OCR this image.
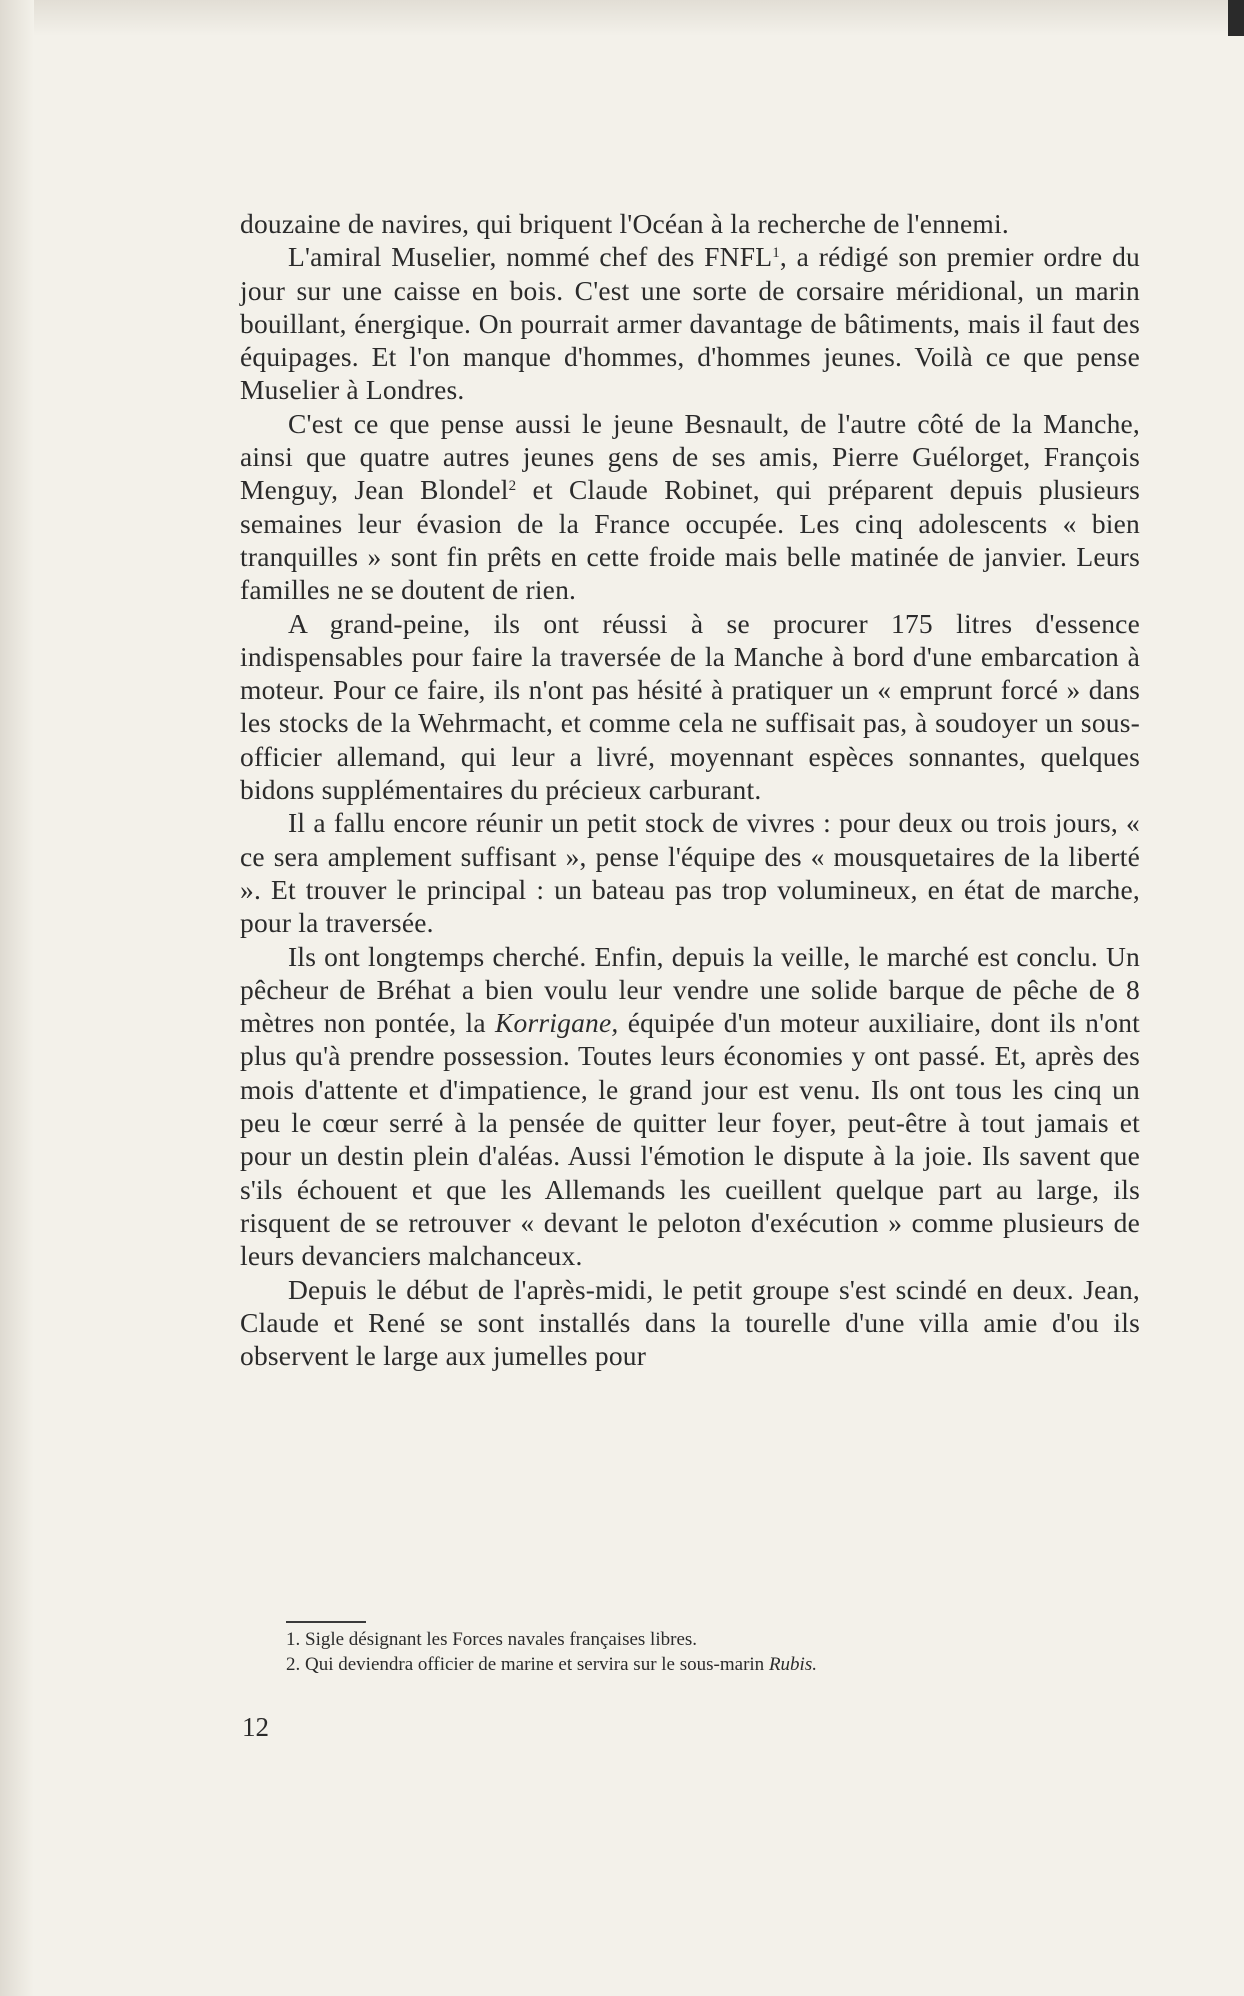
douzaine de navires, qui briquent l'Océan à la recherche de l'ennemi.

L'amiral Muselier, nommé chef des FNFL$^1$, a rédigé son premier ordre du jour sur une caisse en bois. C'est une sorte de corsaire méridional, un marin bouillant, énergique. On pourrait armer davantage de bâtiments, mais il faut des équipages. Et l'on manque d'hommes, d'hommes jeunes. Voilà ce que pense Muselier à Londres.

C'est ce que pense aussi le jeune Besnault, de l'autre côté de la Manche, ainsi que quatre autres jeunes gens de ses amis, Pierre Guélorget, François Menguy, Jean Blondel$^2$ et Claude Robinet, qui préparent depuis plusieurs semaines leur évasion de la France occupée. Les cinq adolescents « bien tranquilles » sont fin prêts en cette froide mais belle matinée de janvier. Leurs familles ne se doutent de rien.

A grand-peine, ils ont réussi à se procurer 175 litres d'essence indispensables pour faire la traversée de la Manche à bord d'une embarcation à moteur. Pour ce faire, ils n'ont pas hésité à pratiquer un « emprunt forcé » dans les stocks de la Wehrmacht, et comme cela ne suffisait pas, à soudoyer un sous-officier allemand, qui leur a livré, moyennant espèces sonnantes, quelques bidons supplémentaires du précieux carburant.

Il a fallu encore réunir un petit stock de vivres : pour deux ou trois jours, « ce sera amplement suffisant », pense l'équipe des « mousquetaires de la liberté ». Et trouver le principal : un bateau pas trop volumineux, en état de marche, pour la traversée.

Ils ont longtemps cherché. Enfin, depuis la veille, le marché est conclu. Un pêcheur de Bréhat a bien voulu leur vendre une solide barque de pêche de 8 mètres non pontée, la Korrigane, équipée d'un moteur auxiliaire, dont ils n'ont plus qu'à prendre possession. Toutes leurs économies y ont passé. Et, après des mois d'attente et d'impatience, le grand jour est venu. Ils ont tous les cinq un peu le cœur serré à la pensée de quitter leur foyer, peut-être à tout jamais et pour un destin plein d'aléas. Aussi l'émotion le dispute à la joie. Ils savent que s'ils échouent et que les Allemands les cueillent quelque part au large, ils risquent de se retrouver « devant le peloton d'exécution » comme plusieurs de leurs devanciers malchanceux.

Depuis le début de l'après-midi, le petit groupe s'est scindé en deux. Jean, Claude et René se sont installés dans la tourelle d'une villa amie d'ou ils observent le large aux jumelles pour

1. Sigle désignant les Forces navales françaises libres.
2. Qui deviendra officier de marine et servira sur le sous-marin Rubis.
12
